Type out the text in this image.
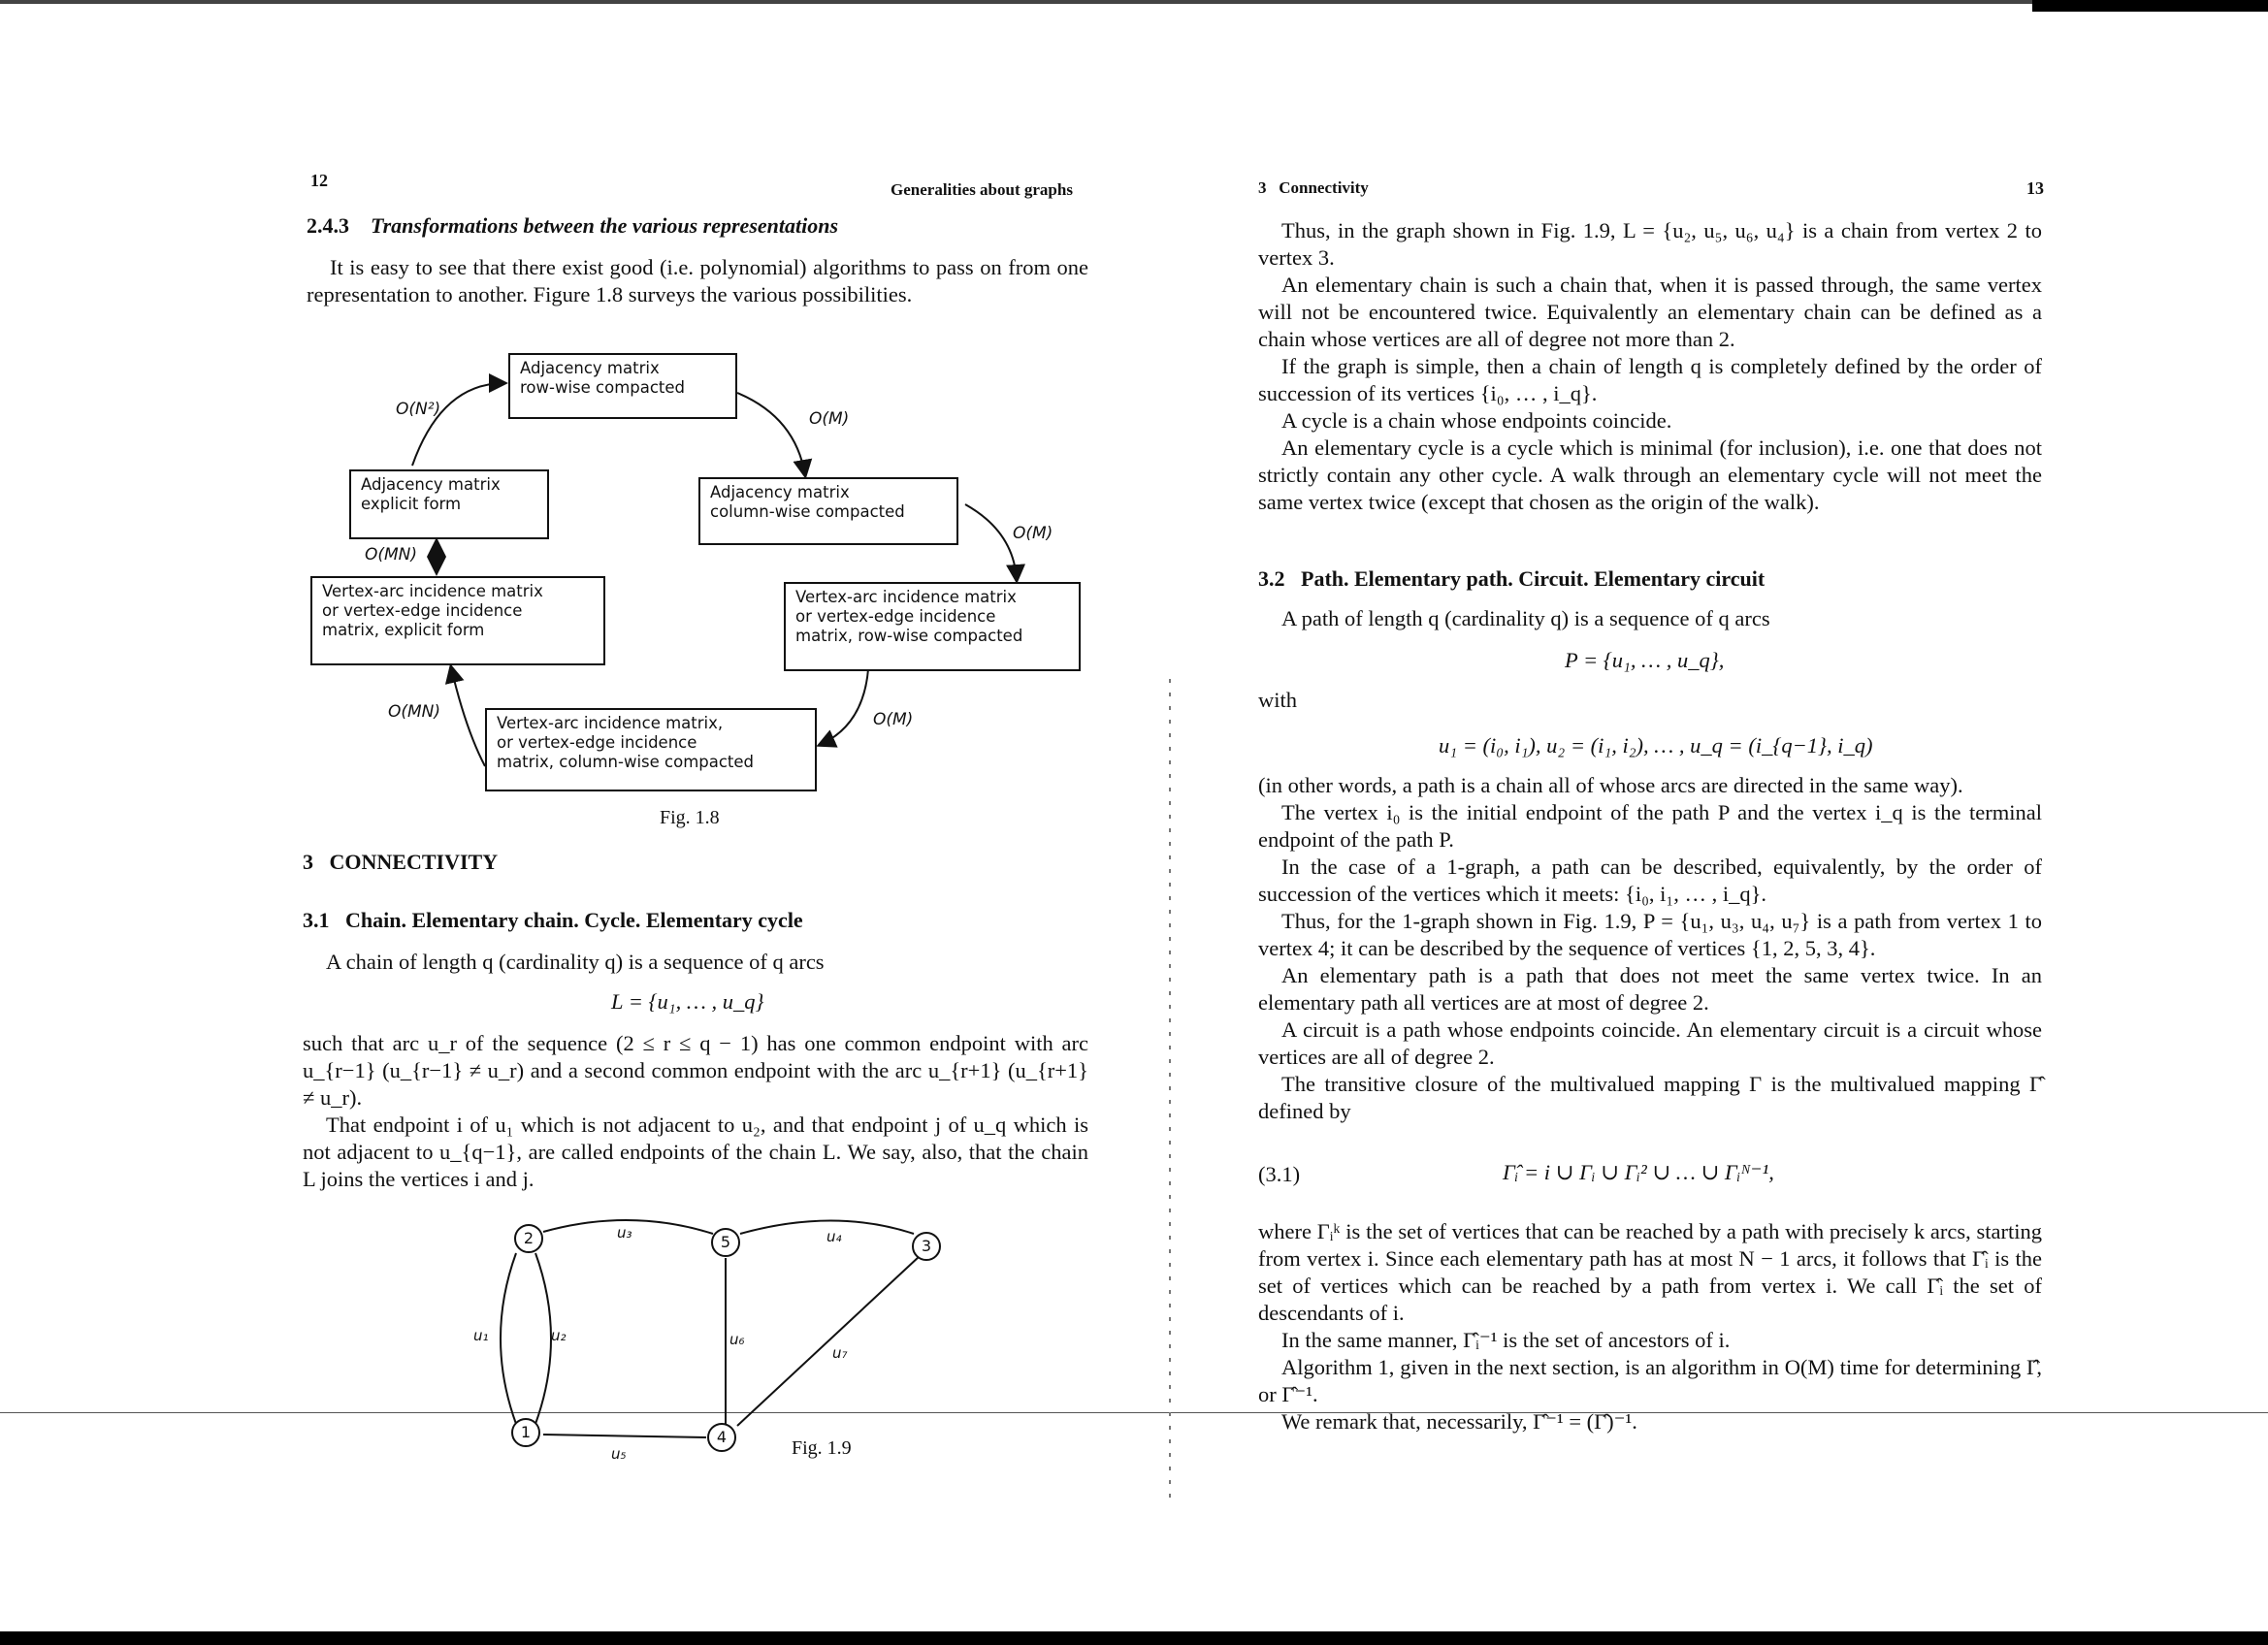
12	Generalities about graphs
2.4.3 Transformations between the various representations

It is easy to see that there exist good (i.e. polynomial) algorithms to pass on from one representation to another. Figure 1.8 surveys the various possibilities.

Adjacency matrix
row-wise compacted
Adjacency matrix
explicit form
Adjacency matrix
column-wise compacted
Vertex-arc incidence matrix
or vertex-edge incidence
matrix, explicit form
Vertex-arc incidence matrix
or vertex-edge incidence
matrix, row-wise compacted
Vertex-arc incidence matrix,
or vertex-edge incidence
matrix, column-wise compacted
O(N²)	O(M)
O(M)
O(M)
O(MN)
O(MN)
Fig. 1.8
3   CONNECTIVITY
3.1   Chain. Elementary chain. Cycle. Elementary cycle

A chain of length q (cardinality q) is a sequence of q arcs

L = {u₁, … , u_q}

such that arc u_r of the sequence (2 ≤ r ≤ q − 1) has one common endpoint with arc u_{r−1} (u_{r−1} ≠ u_r) and a second common endpoint with the arc u_{r+1} (u_{r+1} ≠ u_r).

That endpoint i of u₁ which is not adjacent to u₂, and that endpoint j of u_q which is not adjacent to u_{q−1}, are called endpoints of the chain L. We say, also, that the chain L joins the vertices i and j.

2	5	3
1	4
u₁	u₂
u₃	u₄
u₅
u₆
u₇
Fig. 1.9
3   Connectivity	13

Thus, in the graph shown in Fig. 1.9, L = {u₂, u₅, u₆, u₄} is a chain from vertex 2 to vertex 3.

An elementary chain is such a chain that, when it is passed through, the same vertex will not be encountered twice. Equivalently an elementary chain can be defined as a chain whose vertices are all of degree not more than 2.

If the graph is simple, then a chain of length q is completely defined by the order of succession of its vertices {i₀, … , i_q}.

A cycle is a chain whose endpoints coincide.

An elementary cycle is a cycle which is minimal (for inclusion), i.e. one that does not strictly contain any other cycle. A walk through an elementary cycle will not meet the same vertex twice (except that chosen as the origin of the walk).

3.2   Path. Elementary path. Circuit. Elementary circuit

A path of length q (cardinality q) is a sequence of q arcs

P = {u₁, … , u_q},

with

u₁ = (i₀, i₁), u₂ = (i₁, i₂), … , u_q = (i_{q−1}, i_q)

(in other words, a path is a chain all of whose arcs are directed in the same way).

The vertex i₀ is the initial endpoint of the path P and the vertex i_q is the terminal endpoint of the path P.

In the case of a 1-graph, a path can be described, equivalently, by the order of succession of the vertices which it meets: {i₀, i₁, … , i_q}.

Thus, for the 1-graph shown in Fig. 1.9, P = {u₁, u₃, u₄, u₇} is a path from vertex 1 to vertex 4; it can be described by the sequence of vertices {1, 2, 5, 3, 4}.

An elementary path is a path that does not meet the same vertex twice. In an elementary path all vertices are at most of degree 2.

A circuit is a path whose endpoints coincide. An elementary circuit is a circuit whose vertices are all of degree 2.

The transitive closure of the multivalued mapping Γ is the multivalued mapping Γ̂ defined by

(3.1)	Γ̂ᵢ = i ∪ Γᵢ ∪ Γᵢ² ∪ … ∪ Γᵢᴺ⁻¹,

where Γᵢᵏ is the set of vertices that can be reached by a path with precisely k arcs, starting from vertex i. Since each elementary path has at most N − 1 arcs, it follows that Γ̂ᵢ is the set of vertices which can be reached by a path from vertex i. We call Γ̂ᵢ the set of descendants of i.

In the same manner, Γ̂ᵢ⁻¹ is the set of ancestors of i.

Algorithm 1, given in the next section, is an algorithm in O(M) time for determining Γ̂, or Γ̂⁻¹.

We remark that, necessarily, Γ̂⁻¹ = (Γ̂)⁻¹.
